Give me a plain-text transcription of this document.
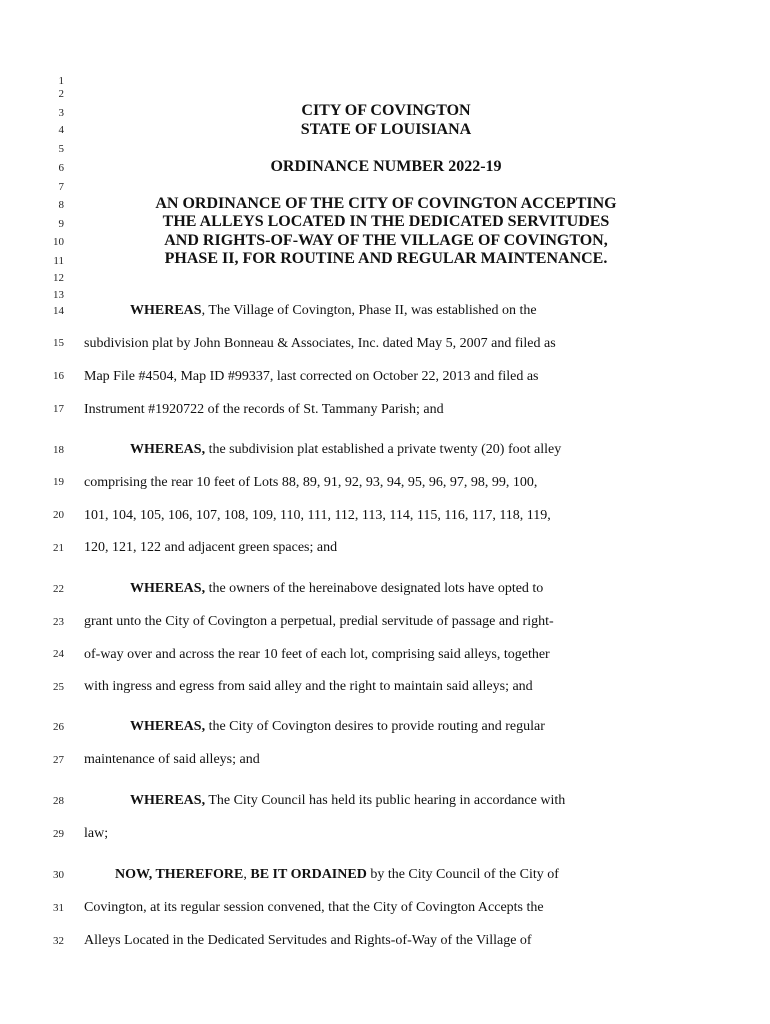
1
2
3
4
5
6
7
8
9
10
11
12
13
14
15
16
17
18
19
20
21
22
23
24
25
26
27
28
29
30
31
32
CITY OF COVINGTON
STATE OF LOUISIANA
ORDINANCE NUMBER 2022-19
AN ORDINANCE OF THE CITY OF COVINGTON ACCEPTING
THE ALLEYS LOCATED IN THE DEDICATED SERVITUDES
AND RIGHTS-OF-WAY OF THE VILLAGE OF COVINGTON,
PHASE II, FOR ROUTINE AND REGULAR MAINTENANCE.
WHEREAS, The Village of Covington, Phase II, was established on the
subdivision plat by John Bonneau & Associates, Inc. dated May 5, 2007 and filed as
Map File #4504, Map ID #99337, last corrected on October 22, 2013 and filed as
Instrument #1920722 of the records of St. Tammany Parish; and
WHEREAS, the subdivision plat established a private twenty (20) foot alley
comprising the rear 10 feet of Lots 88, 89, 91, 92, 93, 94, 95, 96, 97, 98, 99, 100,
101, 104, 105, 106, 107, 108, 109, 110, 111, 112, 113, 114, 115, 116, 117, 118, 119,
120, 121, 122 and adjacent green spaces; and
WHEREAS, the owners of the hereinabove designated lots have opted to
grant unto the City of Covington a perpetual, predial servitude of passage and right-
of-way over and across the rear 10 feet of each lot, comprising said alleys, together
with ingress and egress from said alley and the right to maintain said alleys; and
WHEREAS, the City of Covington desires to provide routing and regular
maintenance of said alleys; and
WHEREAS, The City Council has held its public hearing in accordance with
law;
NOW, THEREFORE, BE IT ORDAINED by the City Council of the City of
Covington, at its regular session convened, that the City of Covington Accepts the
Alleys Located in the Dedicated Servitudes and Rights-of-Way of the Village of
